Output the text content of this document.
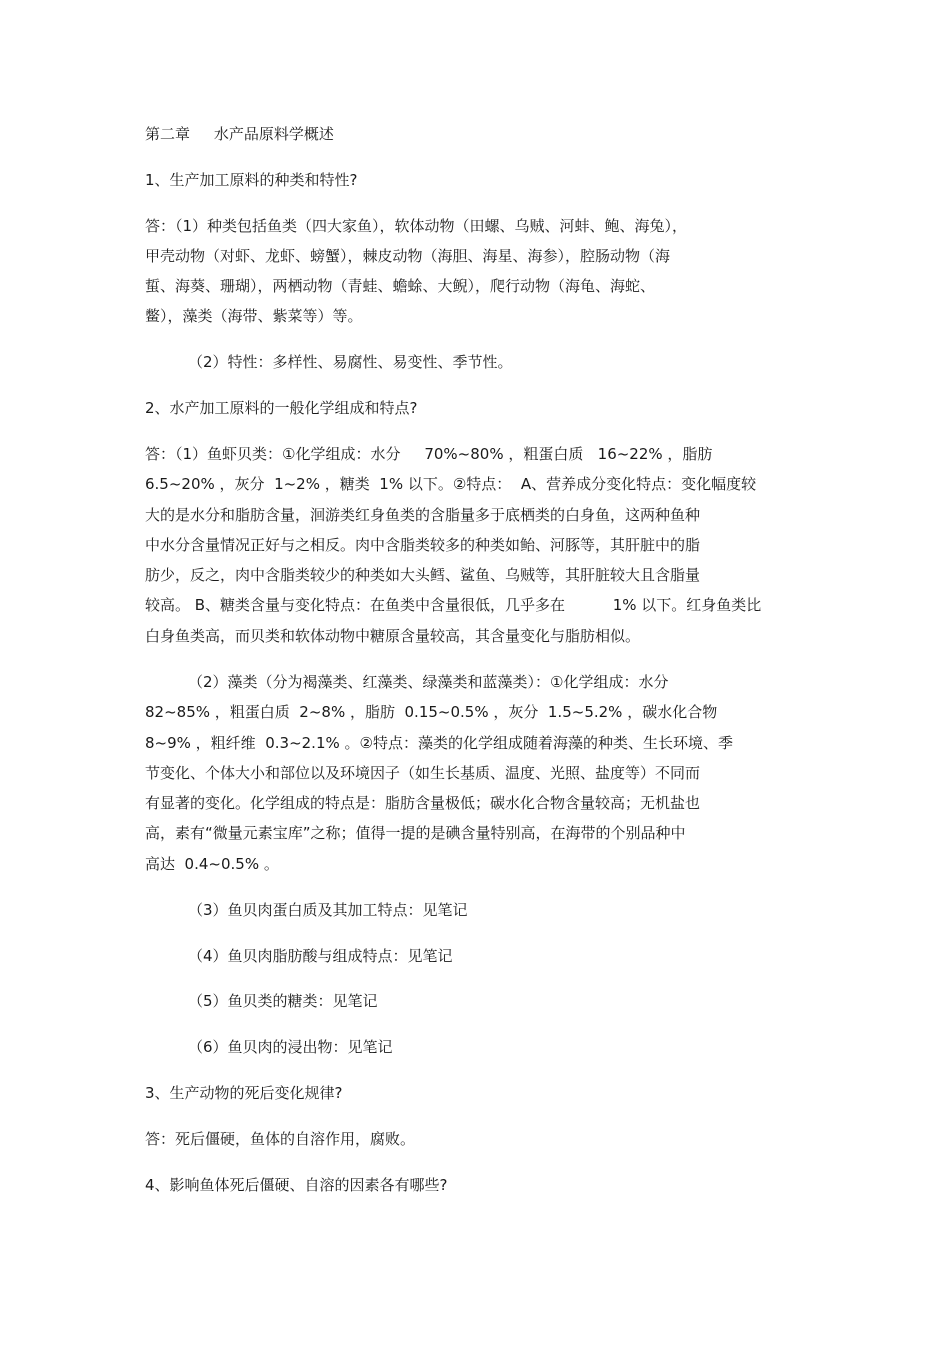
第二章     水产品原料学概述

1、生产加工原料的种类和特性?

答：（1）种类包括鱼类（四大家鱼），软体动物（田螺、乌贼、河蚌、鲍、海兔），

甲壳动物（对虾、龙虾、螃蟹），棘皮动物（海胆、海星、海参），腔肠动物（海

蜇、海葵、珊瑚），两栖动物（青蛙、蟾蜍、大鲵），爬行动物（海龟、海蛇、

鳖），藻类（海带、紫菜等）等。

（2）特性：多样性、易腐性、易变性、季节性。

2、水产加工原料的一般化学组成和特点?

答：（1）鱼虾贝类：①化学组成：水分     70%~80% ，粗蛋白质   16~22% ，脂肪

6.5~20% ，灰分  1~2% ，糖类  1% 以下。②特点：  A、营养成分变化特点：变化幅度较

大的是水分和脂肪含量，洄游类红身鱼类的含脂量多于底栖类的白身鱼，这两种鱼种

中水分含量情况正好与之相反。肉中含脂类较多的种类如鲐、河豚等，其肝脏中的脂

肪少，反之，肉中含脂类较少的种类如大头鳕、鲨鱼、乌贼等，其肝脏较大且含脂量

较高。 B、糖类含量与变化特点：在鱼类中含量很低，几乎多在          1% 以下。红身鱼类比

白身鱼类高，而贝类和软体动物中糖原含量较高，其含量变化与脂肪相似。

（2）藻类（分为褐藻类、红藻类、绿藻类和蓝藻类）：①化学组成：水分

82~85% ，粗蛋白质  2~8% ，脂肪  0.15~0.5% ，灰分  1.5~5.2% ，碳水化合物

8~9% ，粗纤维  0.3~2.1% 。②特点：藻类的化学组成随着海藻的种类、生长环境、季

节变化、个体大小和部位以及环境因子（如生长基质、温度、光照、盐度等）不同而

有显著的变化。化学组成的特点是：脂肪含量极低；碳水化合物含量较高；无机盐也

高，素有“微量元素宝库”之称；值得一提的是碘含量特别高，在海带的个别品种中

高达  0.4~0.5% 。

（3）鱼贝肉蛋白质及其加工特点：见笔记

（4）鱼贝肉脂肪酸与组成特点：见笔记

（5）鱼贝类的糖类：见笔记

（6）鱼贝肉的浸出物：见笔记

3、生产动物的死后变化规律?

答：死后僵硬，鱼体的自溶作用，腐败。

4、影响鱼体死后僵硬、自溶的因素各有哪些?
